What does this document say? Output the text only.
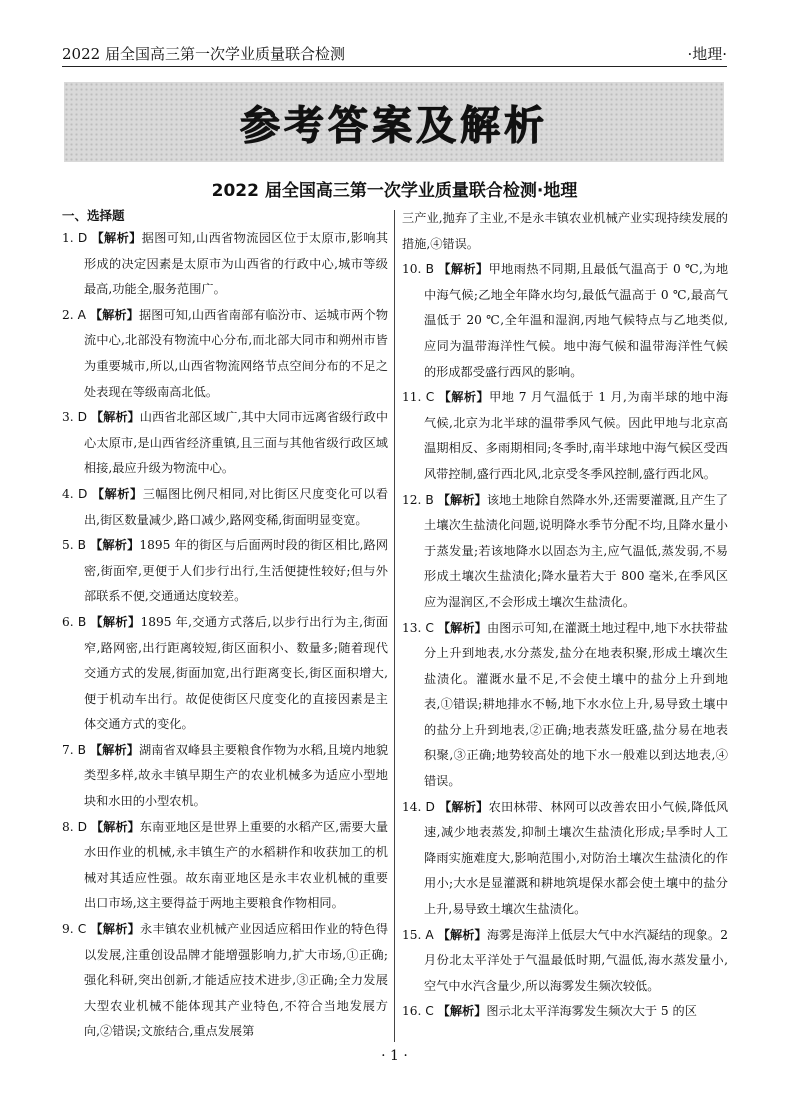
2022 届全国高三第一次学业质量联合检测	·地理·
参考答案及解析
2022 届全国高三第一次学业质量联合检测·地理
一、选择题

1. D 【解析】据图可知,山西省物流园区位于太原市,影响其形成的决定因素是太原市为山西省的行政中心,城市等级最高,功能全,服务范围广。

2. A 【解析】据图可知,山西省南部有临汾市、运城市两个物流中心,北部没有物流中心分布,而北部大同市和朔州市皆为重要城市,所以,山西省物流网络节点空间分布的不足之处表现在等级南高北低。

3. D 【解析】山西省北部区域广,其中大同市远离省级行政中心太原市,是山西省经济重镇,且三面与其他省级行政区域相接,最应升级为物流中心。

4. D 【解析】三幅图比例尺相同,对比街区尺度变化可以看出,街区数量减少,路口减少,路网变稀,街面明显变宽。

5. B 【解析】1895 年的街区与后面两时段的街区相比,路网密,街面窄,更便于人们步行出行,生活便捷性较好;但与外部联系不便,交通通达度较差。

6. B 【解析】1895 年,交通方式落后,以步行出行为主,街面窄,路网密,出行距离较短,街区面积小、数量多;随着现代交通方式的发展,街面加宽,出行距离变长,街区面积增大,便于机动车出行。故促使街区尺度变化的直接因素是主体交通方式的变化。

7. B 【解析】湖南省双峰县主要粮食作物为水稻,且境内地貌类型多样,故永丰镇早期生产的农业机械多为适应小型地块和水田的小型农机。

8. D 【解析】东南亚地区是世界上重要的水稻产区,需要大量水田作业的机械,永丰镇生产的水稻耕作和收获加工的机械对其适应性强。故东南亚地区是永丰农业机械的重要出口市场,这主要得益于两地主要粮食作物相同。

9. C 【解析】永丰镇农业机械产业因适应稻田作业的特色得以发展,注重创设品牌才能增强影响力,扩大市场,①正确;强化科研,突出创新,才能适应技术进步,③正确;全力发展大型农业机械不能体现其产业特色,不符合当地发展方向,②错误;文旅结合,重点发展第

三产业,抛弃了主业,不是永丰镇农业机械产业实现持续发展的措施,④错误。

10. B 【解析】甲地雨热不同期,且最低气温高于 0 ℃,为地中海气候;乙地全年降水均匀,最低气温高于 0 ℃,最高气温低于 20 ℃,全年温和湿润,丙地气候特点与乙地类似,应同为温带海洋性气候。地中海气候和温带海洋性气候的形成都受盛行西风的影响。

11. C 【解析】甲地 7 月气温低于 1 月,为南半球的地中海气候,北京为北半球的温带季风气候。因此甲地与北京高温期相反、多雨期相同;冬季时,南半球地中海气候区受西风带控制,盛行西北风,北京受冬季风控制,盛行西北风。

12. B 【解析】该地土地除自然降水外,还需要灌溉,且产生了土壤次生盐渍化问题,说明降水季节分配不均,且降水量小于蒸发量;若该地降水以固态为主,应气温低,蒸发弱,不易形成土壤次生盐渍化;降水量若大于 800 毫米,在季风区应为湿润区,不会形成土壤次生盐渍化。

13. C 【解析】由图示可知,在灌溉土地过程中,地下水扶带盐分上升到地表,水分蒸发,盐分在地表积聚,形成土壤次生盐渍化。灌溉水量不足,不会使土壤中的盐分上升到地表,①错误;耕地排水不畅,地下水水位上升,易导致土壤中的盐分上升到地表,②正确;地表蒸发旺盛,盐分易在地表积聚,③正确;地势较高处的地下水一般难以到达地表,④错误。

14. D 【解析】农田林带、林网可以改善农田小气候,降低风速,减少地表蒸发,抑制土壤次生盐渍化形成;旱季时人工降雨实施难度大,影响范围小,对防治土壤次生盐渍化的作用小;大水是显灌溉和耕地筑堤保水都会使土壤中的盐分上升,易导致土壤次生盐渍化。

15. A 【解析】海雾是海洋上低层大气中水汽凝结的现象。2 月份北太平洋处于气温最低时期,气温低,海水蒸发量小,空气中水汽含量少,所以海雾发生频次较低。

16. C 【解析】图示北太平洋海雾发生频次大于 5 的区

· 1 ·
